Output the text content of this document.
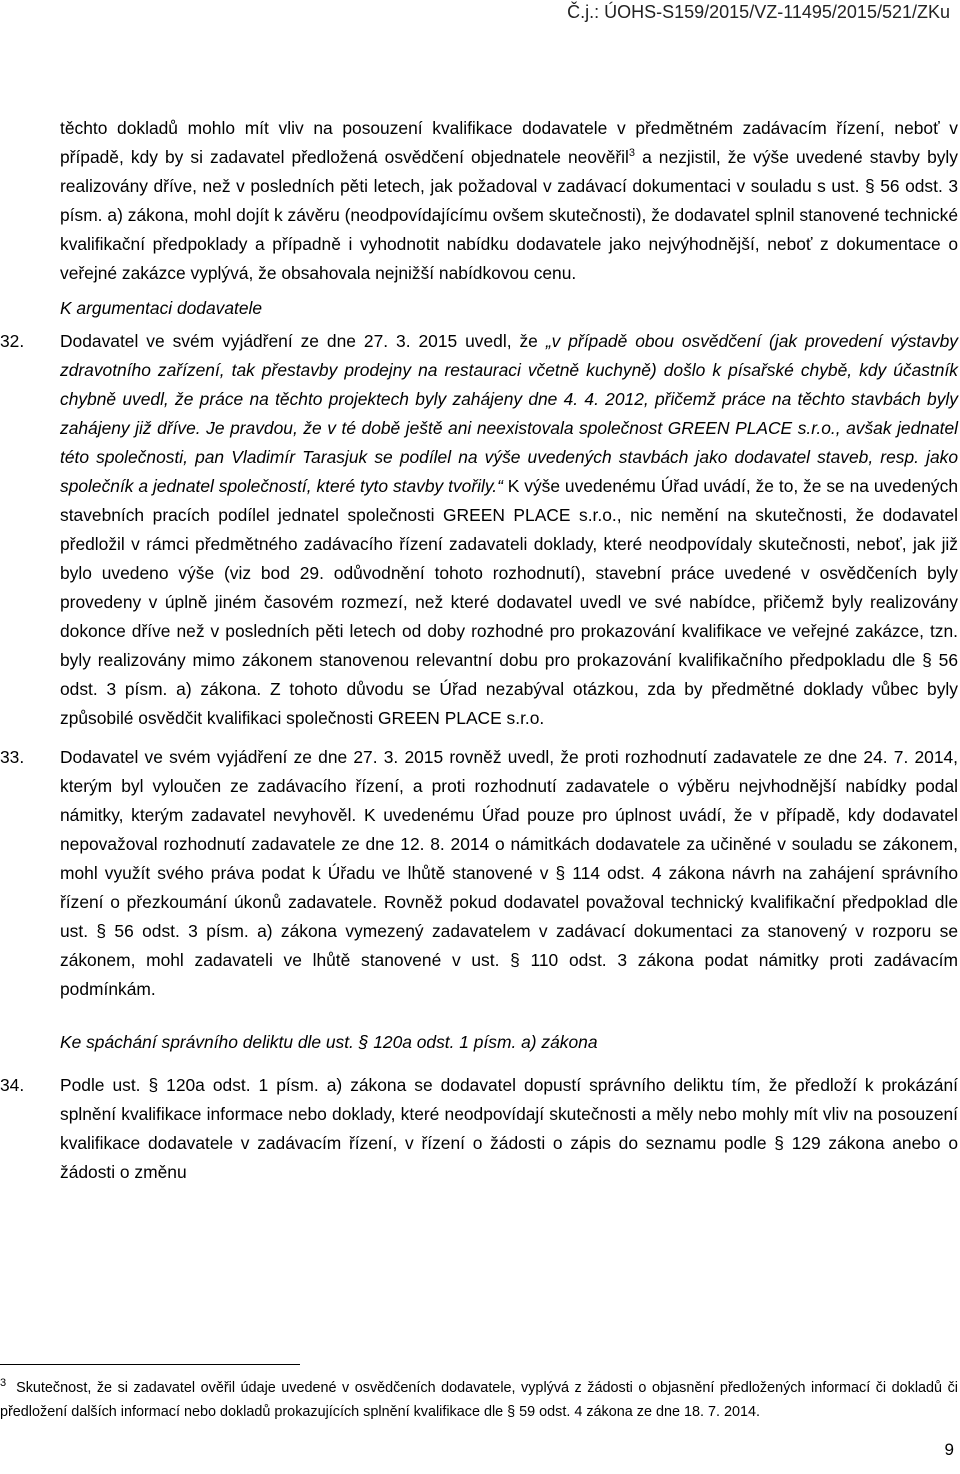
Č.j.: ÚOHS-S159/2015/VZ-11495/2015/521/ZKu

těchto dokladů mohlo mít vliv na posouzení kvalifikace dodavatele v předmětném zadávacím řízení, neboť v případě, kdy by si zadavatel předložená osvědčení objednatele neověřil$^3$ a nezjistil, že výše uvedené stavby byly realizovány dříve, než v posledních pěti letech, jak požadoval v zadávací dokumentaci v souladu s ust. § 56 odst. 3 písm. a) zákona, mohl dojít k závěru (neodpovídajícímu ovšem skutečnosti), že dodavatel splnil stanovené technické kvalifikační předpoklady a případně i vyhodnotit nabídku dodavatele jako nejvýhodnější, neboť z dokumentace o veřejné zakázce vyplývá, že obsahovala nejnižší nabídkovou cenu.

K argumentaci dodavatele

32. Dodavatel ve svém vyjádření ze dne 27. 3. 2015 uvedl, že „v případě obou osvědčení (jak provedení výstavby zdravotního zařízení, tak přestavby prodejny na restauraci včetně kuchyně) došlo k písařské chybě, kdy účastník chybně uvedl, že práce na těchto projektech byly zahájeny dne 4. 4. 2012, přičemž práce na těchto stavbách byly zahájeny již dříve. Je pravdou, že v té době ještě ani neexistovala společnost GREEN PLACE s.r.o., avšak jednatel této společnosti, pan Vladimír Tarasjuk se podílel na výše uvedených stavbách jako dodavatel staveb, resp. jako společník a jednatel společností, které tyto stavby tvořily.“ K výše uvedenému Úřad uvádí, že to, že se na uvedených stavebních pracích podílel jednatel společnosti GREEN PLACE s.r.o., nic nemění na skutečnosti, že dodavatel předložil v rámci předmětného zadávacího řízení zadavateli doklady, které neodpovídaly skutečnosti, neboť, jak již bylo uvedeno výše (viz bod 29. odůvodnění tohoto rozhodnutí), stavební práce uvedené v osvědčeních byly provedeny v úplně jiném časovém rozmezí, než které dodavatel uvedl ve své nabídce, přičemž byly realizovány dokonce dříve než v posledních pěti letech od doby rozhodné pro prokazování kvalifikace ve veřejné zakázce, tzn. byly realizovány mimo zákonem stanovenou relevantní dobu pro prokazování kvalifikačního předpokladu dle § 56 odst. 3 písm. a) zákona. Z tohoto důvodu se Úřad nezabýval otázkou, zda by předmětné doklady vůbec byly způsobilé osvědčit kvalifikaci společnosti GREEN PLACE s.r.o.

33. Dodavatel ve svém vyjádření ze dne 27. 3. 2015 rovněž uvedl, že proti rozhodnutí zadavatele ze dne 24. 7. 2014, kterým byl vyloučen ze zadávacího řízení, a proti rozhodnutí zadavatele o výběru nejvhodnější nabídky podal námitky, kterým zadavatel nevyhověl. K uvedenému Úřad pouze pro úplnost uvádí, že v případě, kdy dodavatel nepovažoval rozhodnutí zadavatele ze dne 12. 8. 2014 o námitkách dodavatele za učiněné v souladu se zákonem, mohl využít svého práva podat k Úřadu ve lhůtě stanovené v § 114 odst. 4 zákona návrh na zahájení správního řízení o přezkoumání úkonů zadavatele. Rovněž pokud dodavatel považoval technický kvalifikační předpoklad dle ust. § 56 odst. 3 písm. a) zákona vymezený zadavatelem v zadávací dokumentaci za stanovený v rozporu se zákonem, mohl zadavateli ve lhůtě stanovené v ust. § 110 odst. 3 zákona podat námitky proti zadávacím podmínkám.

Ke spáchání správního deliktu dle ust. § 120a odst. 1 písm. a) zákona

34. Podle ust. § 120a odst. 1 písm. a) zákona se dodavatel dopustí správního deliktu tím, že předloží k prokázání splnění kvalifikace informace nebo doklady, které neodpovídají skutečnosti a měly nebo mohly mít vliv na posouzení kvalifikace dodavatele v zadávacím řízení, v řízení o žádosti o zápis do seznamu podle § 129 zákona anebo o žádosti o změnu

$^3$ Skutečnost, že si zadavatel ověřil údaje uvedené v osvědčeních dodavatele, vyplývá z žádosti o objasnění předložených informací či dokladů či předložení dalších informací nebo dokladů prokazujících splnění kvalifikace dle § 59 odst. 4 zákona ze dne 18. 7. 2014.
9
